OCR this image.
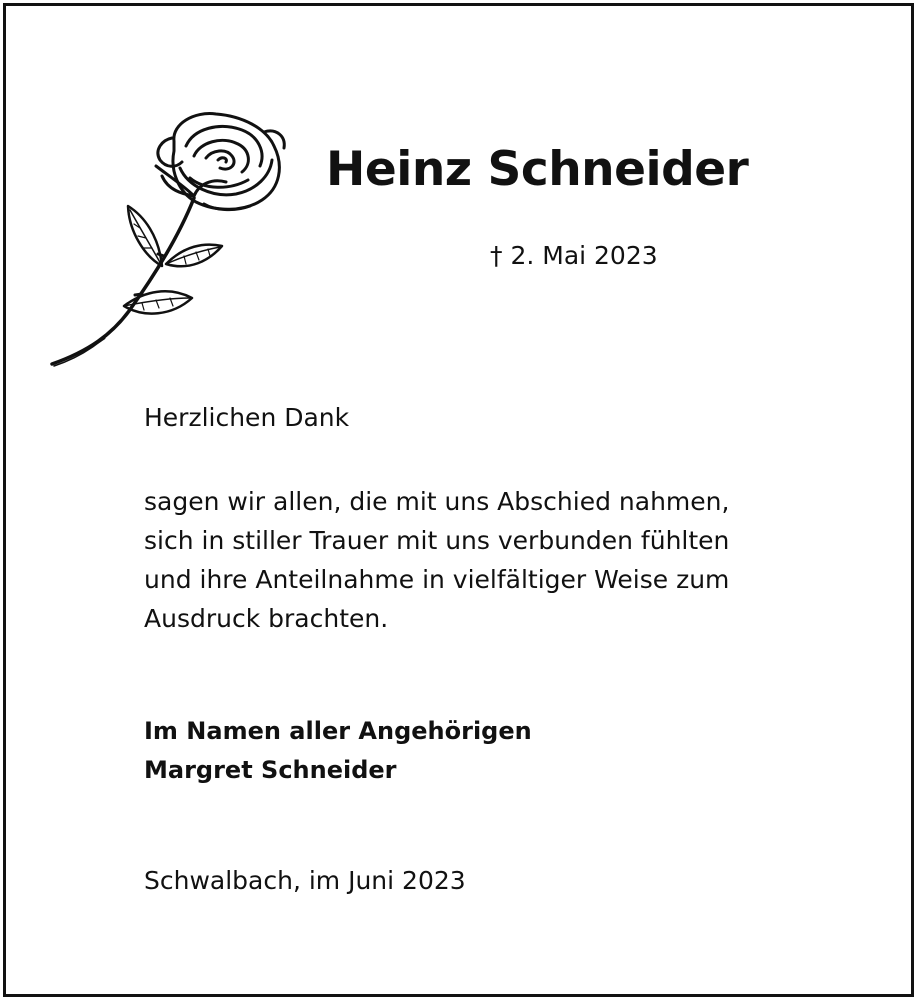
Heinz Schneider
† 2. Mai 2023
Herzlichen Dank
sagen wir allen, die mit uns Abschied nahmen,
sich in stiller Trauer mit uns verbunden fühlten
und ihre Anteilnahme in vielfältiger Weise zum
Ausdruck brachten.
Im Namen aller Angehörigen
Margret Schneider
Schwalbach, im Juni 2023
